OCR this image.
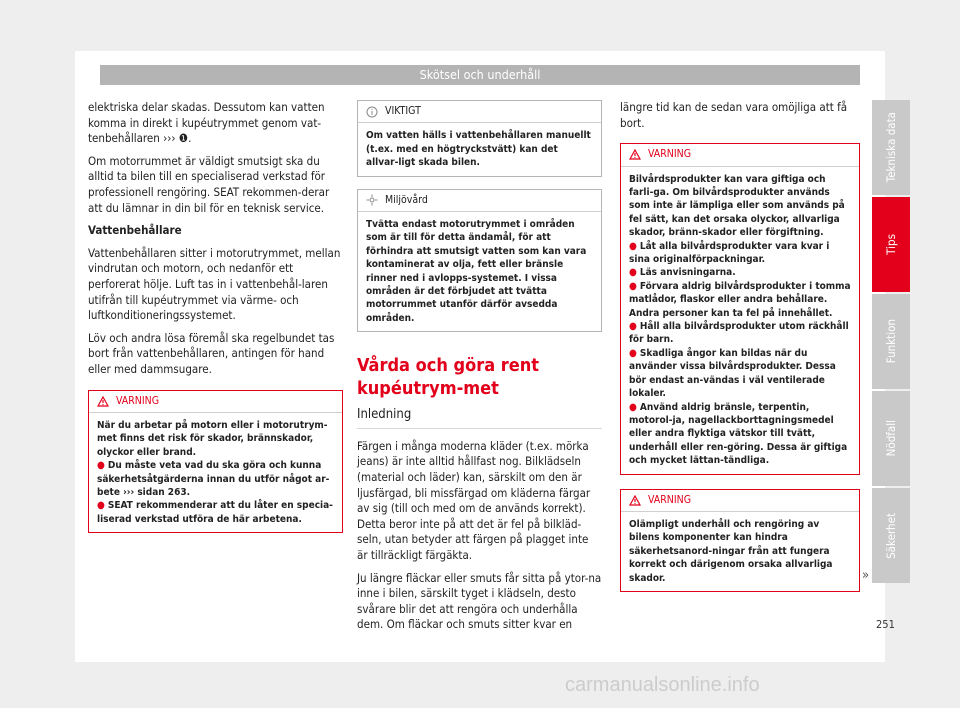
Skötsel och underhåll

elektriska delar skadas. Dessutom kan vatten komma in direkt i kupéutrymmet genom vat-tenbehållaren ››› ❶.

Om motorrummet är väldigt smutsigt ska du alltid ta bilen till en specialiserad verkstad för professionell rengöring. SEAT rekommen-derar att du lämnar in din bil för en teknisk service.

Vattenbehållare

Vattenbehållaren sitter i motorutrymmet, mellan vindrutan och motorn, och nedanför ett perforerat hölje. Luft tas in i vattenbehål-laren utifrån till kupéutrymmet via värme- och luftkonditioneringssystemet.

Löv och andra lösa föremål ska regelbundet tas bort från vattenbehållaren, antingen för hand eller med dammsugare.

VARNING
När du arbetar på motorn eller i motorutrym-met finns det risk för skador, brännskador, olyckor eller brand.
● Du måste veta vad du ska göra och kunna säkerhetsåtgärderna innan du utför något ar-bete ››› sidan 263.
● SEAT rekommenderar att du låter en specia-liserad verkstad utföra de här arbetena.
VIKTIGT
Om vatten hälls i vattenbehållaren manuellt (t.ex. med en högtryckstvätt) kan det allvar-ligt skada bilen.
Miljövård
Tvätta endast motorutrymmet i områden som är till för detta ändamål, för att förhindra att smutsigt vatten som kan vara kontaminerat av olja, fett eller bränsle rinner ned i avlopps-systemet. I vissa områden är det förbjudet att tvätta motorrummet utanför därför avsedda områden.
Vårda och göra rent kupéutrym-met
Inledning

Färgen i många moderna kläder (t.ex. mörka jeans) är inte alltid hållfast nog. Bilklädseln (material och läder) kan, särskilt om den är ljusfärgad, bli missfärgad om kläderna färgar av sig (till och med om de används korrekt). Detta beror inte på att det är fel på bilkläd-seln, utan betyder att färgen på plagget inte är tillräckligt färgäkta.

Ju längre fläckar eller smuts får sitta på ytor-na inne i bilen, särskilt tyget i klädseln, desto svårare blir det att rengöra och underhålla dem. Om fläckar och smuts sitter kvar en

längre tid kan de sedan vara omöjliga att få bort.

VARNING
Bilvårdsprodukter kan vara giftiga och farli-ga. Om bilvårdsprodukter används som inte är lämpliga eller som används på fel sätt, kan det orsaka olyckor, allvarliga skador, bränn-skador eller förgiftning.
● Låt alla bilvårdsprodukter vara kvar i sina originalförpackningar.
● Läs anvisningarna.
● Förvara aldrig bilvårdsprodukter i tomma matlådor, flaskor eller andra behållare. Andra personer kan ta fel på innehållet.
● Håll alla bilvårdsprodukter utom räckhåll för barn.
● Skadliga ångor kan bildas när du använder vissa bilvårdsprodukter. Dessa bör endast an-vändas i väl ventilerade lokaler.
● Använd aldrig bränsle, terpentin, motorol-ja, nagellackborttagningsmedel eller andra flyktiga vätskor till tvätt, underhåll eller ren-göring. Dessa är giftiga och mycket lättan-tändliga.
VARNING
Olämpligt underhåll och rengöring av bilens komponenter kan hindra säkerhetsanord-ningar från att fungera korrekt och därigenom orsaka allvarliga skador.	»
Tekniska data
Tips
Funktion
Nödfall
Säkerhet
251
carmanualsonline.info
